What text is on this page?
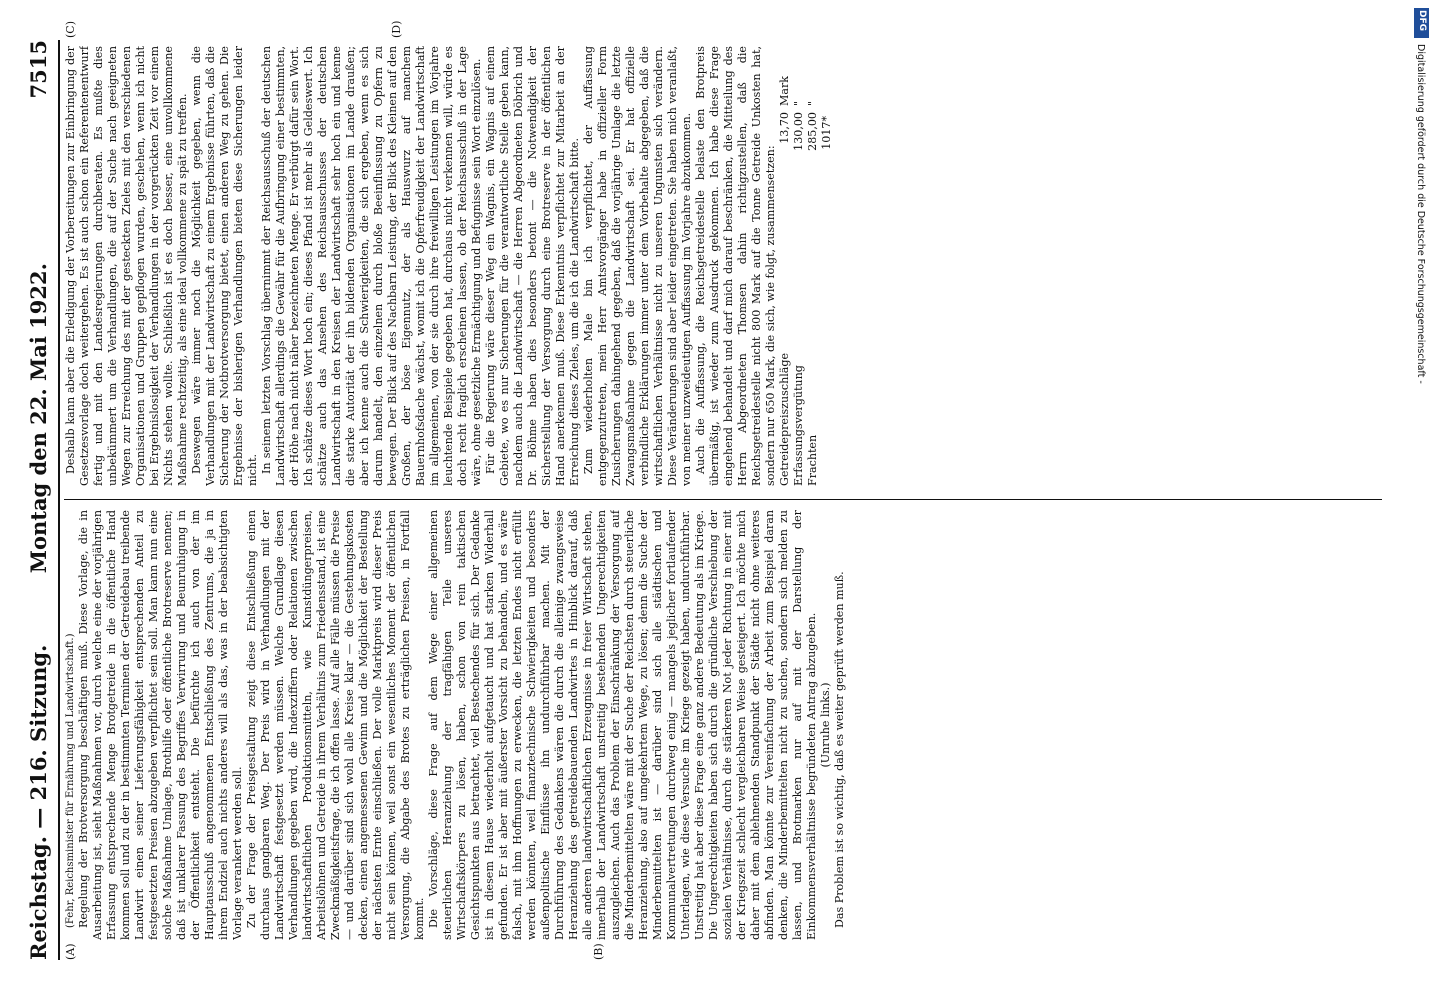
Reichstag. — 216. Sitzung.
Montag den 22. Mai 1922.  7515
(A)	(B)
(C)	(D)

(Fehr, Reichsminister für Ernährung und Landwirtschaft.) Regelung der Brotversorgung beschäftigen muß. Diese Vorlage, die in Ausarbeitung ist, sieht Maßnahmen vor, durch welche eine der vorjährigen Erfassung entsprechende Menge Brotgetreide in die öffentliche Hand kommen soll und zu der in bestimmten Terminen der Getreidebau treibende Landwirt einen seiner Lieferungsfähigkeit entsprechenden Anteil zu festgesetzten Preisen abzugeben verpflichtet sein soll. Man kann nun eine solche Maßnahme Umlage, Brothilfe oder öffentliche Brotreserve nennen; daß ist unklarer Fassung des Begriffes Verwirrung und Beunruhigung in der Öffentlichkeit entsteht. Die befürchte ich auch von der im Hauptausschuß angenommenen Entschließung des Zentrums, die ja in ihrem Endziel auch nichts anderes will als das, was in der beabsichtigten Vorlage verankert werden soll. Zu der Frage der Preisgestaltung zeigt diese Entschließung einen durchaus gangbaren Weg. Der Preis wird in Verhandlungen mit der Landwirtschaft festgesetzt werden müssen. Welche Grundlage diesen Verhandlungen gegeben wird, die Indexziffern oder Relationen zwischen landwirtschaftlichen Produktionsmitteln, wie Kunstdüngerpreisen, Arbeitslöhnen und Getreide in ihrem Verhältnis zum Friedensstand, ist eine Zweckmäßigkeitsfrage, die ich offen lasse. Auf alle Fälle müssen die Preise — und darüber sind sich wohl alle Kreise klar — die Gestehungskosten decken, einen angemessenen Gewinn und die Möglichkeit der Bestellung der nächsten Ernte einschließen. Der volle Marktpreis wird dieser Preis nicht sein können, weil sonst ein wesentliches Moment der öffentlichen Versorgung, die Abgabe des Brotes zu erträglichen Preisen, in Fortfall kommt. Die Vorschläge, diese Frage auf dem Wege einer allgemeinen steuerlichen Heranziehung der tragfähigen Teile unseres Wirtschaftskörpers zu lösen, haben, schon von rein taktischen Gesichtspunkten aus betrachtet, viel Bestechendes für sich. Der Gedanke ist in diesem Hause wiederholt aufgetaucht und hat starken Widerhall gefunden. Er ist aber mit äußerster Vorsicht zu behandeln, und es wäre falsch, mit ihm Hoffnungen zu erwecken, die letzten Endes nicht erfüllt werden könnten, weil finanztechnische Schwierigkeiten und besonders außenpolitische Einflüsse ihn undurchführbar machen. Mit der Durchführung des Gedankens wären die durch die alleinige zwangsweise Heranziehung des getreidebauenden Landwirtes in Hinblick darauf, daß alle anderen landwirtschaftlichen Erzeugnisse in freier Wirtschaft stehen, innerhalb der Landwirtschaft unstreitig bestehenden Ungerechtigkeiten auszugleichen. Auch das Problem der Einschränkung der Versorgung auf die Minderbemittelten wäre mit der Suche der Reichsten durch steuerliche Heranziehung, also auf umgekehrtem Wege, zu lösen; denn die Suche der Minderbemittelten ist — darüber sind sich alle städtischen und Kommunalvertretungen durchweg einig — mangels jeglicher fortlaufender Unterlagen, wie diese Versuche im Kriege gezeigt haben, undurchführbar. Unstreitig hat aber diese Frage eine ganz andere Bedeutung als im Kriege. Die Ungerechtigkeiten haben sich durch die gründliche Verschiebung der sozialen Verhältnisse, durch die stärkeren Not jeder Richtung in einer mit der Kriegszeit schlecht vergleichbaren Weise gesteigert. Ich möchte mich daher mit dem ablehnenden Standpunkt der Städte nicht ohne weiteres abfinden. Man könnte zur Vereinfachung der Arbeit zum Beispiel daran denken, die Minderbemittelten nicht zu suchen, sondern sich melden zu lassen, und Brotmarken nur auf mit der Darstellung der Einkommensverhältnisse begründeten Antrag abzugeben. (Unruhe links.) Das Problem ist so wichtig, daß es weiter geprüft werden muß.

Deshalb kann aber die Erledigung der Vorbereitungen zur Einbringung der Gesetzesvorlage doch weitergehen. Es ist auch schon ein Referentenentwurf fertig und mit den Landesregierungen durchberaten. Es mußte dies unbekümmert um die Verhandlungen, die auf der Suche nach geeigneten Wegen zur Erreichung des mit der gesteckten Zieles mit den verschiedenen Organisationen und Gruppen gepflogen wurden, geschehen, wenn ich nicht bei Ergebnislosigkeit der Verhandlungen in der vorgerückten Zeit vor einem Nichts stehen wollte. Schließlich ist es doch besser, eine unvollkommene Maßnahme rechtzeitig, als eine ideal vollkommene zu spät zu treffen. Deswegen wäre immer noch die Möglichkeit gegeben, wenn die Verhandlungen mit der Landwirtschaft zu einem Ergebnisse führten, daß die Sicherung der Notbrotversorgung bietet, einen anderen Weg zu gehen. Die Ergebnisse der bisherigen Verhandlungen bieten diese Sicherungen leider nicht. In seinem letzten Vorschlag übernimmt der Reichsausschuß der deutschen Landwirtschaft allerdings die Gewähr für die Aufbringung einer bestimmten, der Höhe nach nicht näher bezeichneten Menge. Er verbürgt dafür sein Wort. Ich schätze dieses Wort hoch ein; dieses Pfand ist mehr als Geldeswert. Ich schätze auch das Ansehen des Reichsausschusses der deutschen Landwirtschaft in den Kreisen der Landwirtschaft sehr hoch ein und kenne die starke Autorität der ihn bildenden Organisationen im Lande draußen; aber ich kenne auch die Schwierigkeiten, die sich ergeben, wenn es sich darum handelt, den einzelnen durch bloße Beeinflussung zu Opfern zu bewegen. Der Blick auf des Nachbarn Leistung, der Blick des Kleinen auf den Großen, der böse Eigennutz, der als Hauswurz auf manchem Bauernhofsdache wächst, womit ich die Opferfreudigkeit der Landwirtschaft im allgemeinen, von der sie durch ihre freiwilligen Leistungen im Vorjahre leuchtende Beispiele gegeben hat, durchaus nicht verkennen will, würde es doch recht fraglich erscheinen lassen, ob der Reichsausschuß in der Lage wäre, ohne gesetzliche Ermächtigung und Befugnisse sein Wort einzulösen. Für die Regierung wäre dieser Weg ein Wagnis, ein Wagnis auf einem Gebiete, wo es nur Sicherungen für die verantwortliche Stelle geben kann, nachdem auch die Landwirtschaft — die Herren Abgeordneten Döbrich und Dr. Böhme haben dies besonders betont — die Notwendigkeit der Sicherstellung der Versorgung durch eine Brotreserve in der öffentlichen Hand anerkennen muß. Diese Erkenntnis verpflichtet zur Mitarbeit an der Erreichung dieses Zieles, um die ich die Landwirtschaft bitte. Zum wiederholten Male bin ich verpflichtet, der Auffassung entgegenzutreten, mein Herr Amtsvorgänger habe in offizieller Form Zusicherungen dahingehend gegeben, daß die vorjährige Umlage die letzte Zwangsmaßnahme gegen die Landwirtschaft sei. Er hat offizielle verbindliche Erklärungen immer unter dem Vorbehalte abgegeben, daß die wirtschaftlichen Verhältnisse nicht zu unseren Ungunsten sich verändern. Diese Veränderungen sind aber leider eingetreten. Sie haben mich veranlaßt, von meiner unzweideutigen Auffassung im Vorjahre abzukommen. Auch die Auffassung, die Reichsgetreidestelle belaste den Brotpreis übermäßig, ist wieder zum Ausdruck gekommen. Ich habe diese Frage eingehend behandelt und darf mich darauf beschränken, die Mitteilung des Herrn Abgeordneten Thomsen dahin richtigzustellen, daß die Reichsgetreidestelle nicht 800 Mark auf die Tonne Getreide Unkosten hat, sondern nur 650 Mark, die sich, wie folgt, zusammensetzen: Getreidepreiszuschläge	13,70	Mark
Erfassungsvergütung	130,00	"
Frachten	285,00	"
1017*
DFG
Digitalisierung gefördert durch die Deutsche Forschungsgemeinschaft -
